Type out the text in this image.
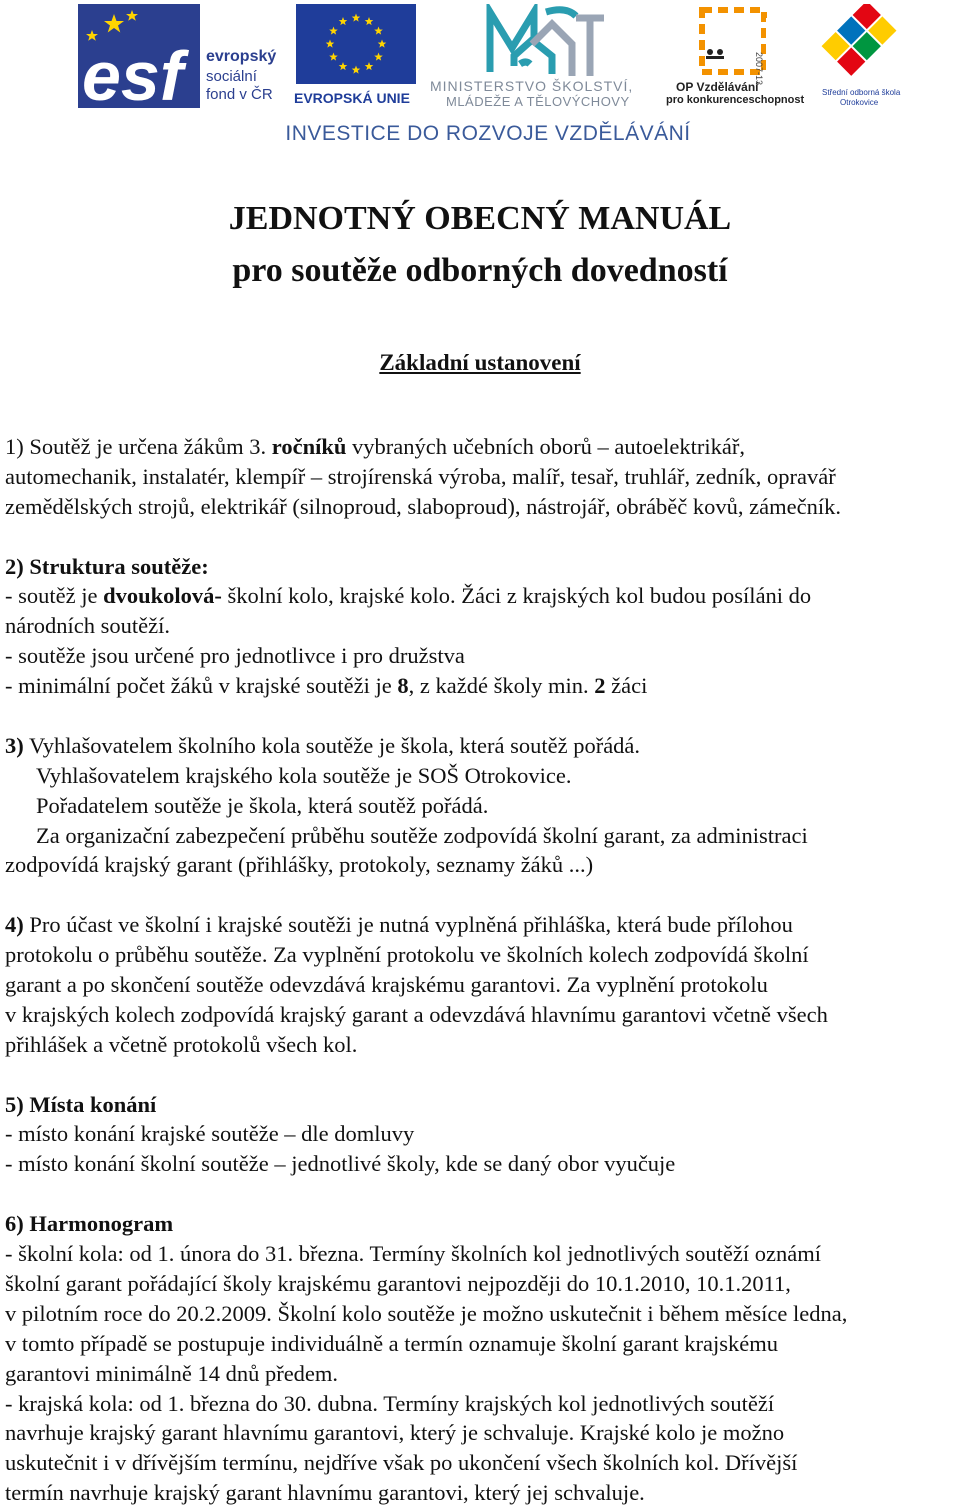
esf	evropský
sociální
fond v ČR EVROPSKÁ UNIE
MINISTERSTVO ŠKOLSTVÍ,
MLÁDEŽE A TĚLOVÝCHOVY
2007-13
OP Vzdělávání
pro konkurenceschopnost
Střední odborná škola
Otrokovice
INVESTICE DO ROZVOJE VZDĚLÁVÁNÍ
JEDNOTNÝ OBECNÝ MANUÁL
pro soutěže odborných dovedností
Základní ustanovení
1) Soutěž je určena žákům 3. ročníků vybraných učebních oborů – autoelektrikář,
automechanik, instalatér, klempíř – strojírenská výroba, malíř, tesař, truhlář, zedník, opravář
zemědělských strojů, elektrikář (silnoproud, slaboproud), nástrojář, obráběč kovů, zámečník.
2) Struktura soutěže:
- soutěž je dvoukolová- školní kolo, krajské kolo. Žáci z krajských kol budou posíláni do
národních soutěží.
- soutěže jsou určené pro jednotlivce i pro družstva
- minimální počet žáků v krajské soutěži je 8, z každé školy min. 2 žáci
3) Vyhlašovatelem školního kola soutěže je škola, která soutěž pořádá.
Vyhlašovatelem krajského kola soutěže je SOŠ Otrokovice.
Pořadatelem soutěže je škola, která soutěž pořádá.
Za organizační zabezpečení průběhu soutěže zodpovídá školní garant, za administraci
zodpovídá krajský garant (přihlášky, protokoly, seznamy žáků ...)
4) Pro účast ve školní i krajské soutěži je nutná vyplněná přihláška, která bude přílohou
protokolu o průběhu soutěže. Za vyplnění protokolu ve školních kolech zodpovídá školní
garant a po skončení soutěže odevzdává krajskému garantovi. Za vyplnění protokolu
v krajských kolech zodpovídá krajský garant a odevzdává hlavnímu garantovi včetně všech
přihlášek a včetně protokolů všech kol.
5) Místa konání
- místo konání krajské soutěže – dle domluvy
- místo konání školní soutěže – jednotlivé školy, kde se daný obor vyučuje
6) Harmonogram
- školní kola: od 1. února do 31. března. Termíny školních kol jednotlivých soutěží oznámí
školní garant pořádající školy krajskému garantovi nejpozději do 10.1.2010, 10.1.2011,
v pilotním roce do 20.2.2009. Školní kolo soutěže je možno uskutečnit i během měsíce ledna,
v tomto případě se postupuje individuálně a termín oznamuje školní garant krajskému
garantovi minimálně 14 dnů předem.
- krajská kola: od 1. března do 30. dubna. Termíny krajských kol jednotlivých soutěží
navrhuje krajský garant hlavnímu garantovi, který je schvaluje. Krajské kolo je možno
uskutečnit i v dřívějším termínu, nejdříve však po ukončení všech školních kol. Dřívější
termín navrhuje krajský garant hlavnímu garantovi, který jej schvaluje.
